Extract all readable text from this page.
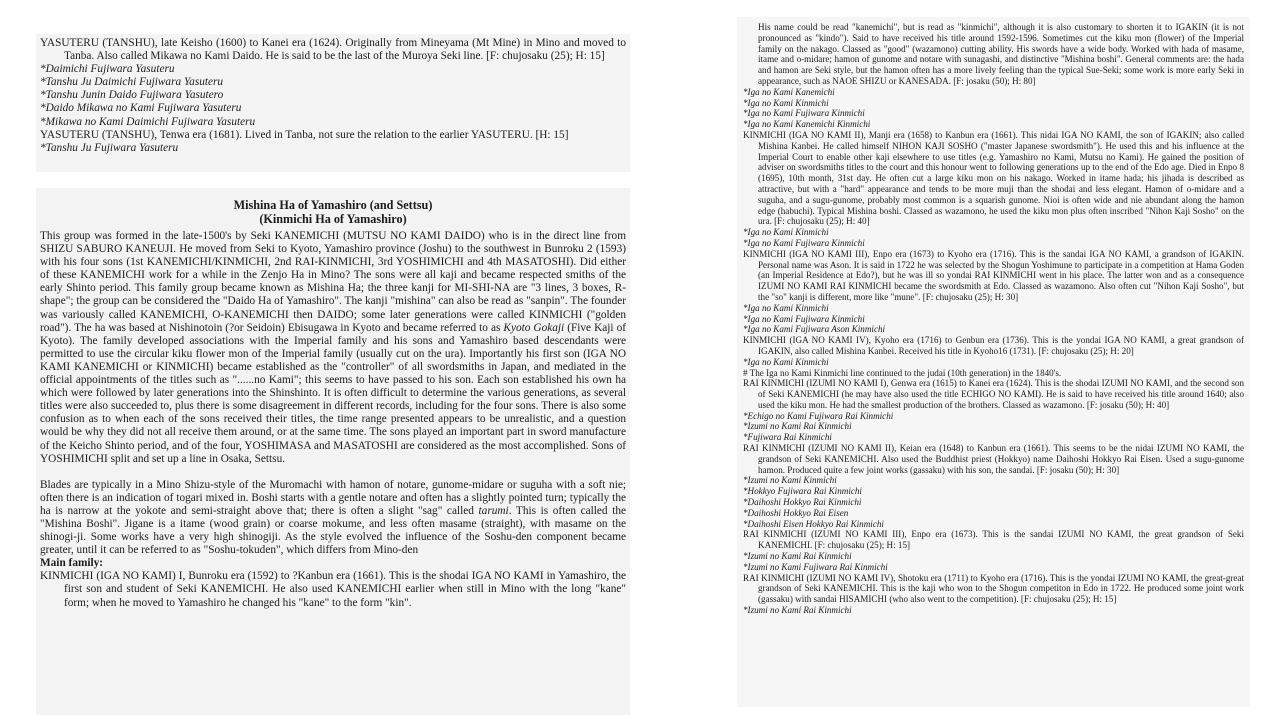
YASUTERU (TANSHU), late Keisho (1600) to Kanei era (1624). Originally from Mineyama (Mt Mine) in Mino and moved to Tanba. Also called Mikawa no Kami Daido. He is said to be the last of the Muroya Seki line. [F: chujosaku (25); H: 15]

*Daimichi Fujiwara Yasuteru

*Tanshu Ju Daimichi Fujiwara Yasuteru

*Tanshu Junin Daido Fujiwara Yasutero

*Daido Mikawa no Kami Fujiwara Yasuteru

*Mikawa no Kami Daimichi Fujiwara Yasuteru

YASUTERU (TANSHU), Tenwa era (1681). Lived in Tanba, not sure the relation to the earlier YASUTERU. [H: 15]

*Tanshu Ju Fujiwara Yasuteru

Mishina Ha of Yamashiro (and Settsu)

(Kinmichi Ha of Yamashiro)

This group was formed in the late-1500's by Seki KANEMICHI (MUTSU NO KAMI DAIDO) who is in the direct line from SHIZU SABURO KANEUJI. He moved from Seki to Kyoto, Yamashiro province (Joshu) to the southwest in Bunroku 2 (1593) with his four sons (1st KANEMICHI/KINMICHI, 2nd RAI-KINMICHI, 3rd YOSHIMICHI and 4th MASATOSHI). Did either of these KANEMICHI work for a while in the Zenjo Ha in Mino? The sons were all kaji and became respected smiths of the early Shinto period. This family group became known as Mishina Ha; the three kanji for MI-SHI-NA are "3 lines, 3 boxes, R-shape"; the group can be considered the "Daido Ha of Yamashiro". The kanji "mishina" can also be read as "sanpin". The founder was variously called KANEMICHI, O-KANEMICHI then DAIDO; some later generations were called KINMICHI ("golden road"). The ha was based at Nishinotoin (?or Seidoin) Ebisugawa in Kyoto and became referred to as Kyoto Gokaji (Five Kaji of Kyoto). The family developed associations with the Imperial family and his sons and Yamashiro based descendants were permitted to use the circular kiku flower mon of the Imperial family (usually cut on the ura). Importantly his first son (IGA NO KAMI KANEMICHI or KINMICHI) became established as the "controller" of all swordsmiths in Japan, and mediated in the official appointments of the titles such as "......no Kami"; this seems to have passed to his son. Each son established his own ha which were followed by later generations into the Shinshinto. It is often difficult to determine the various generations, as several titles were also succeeded to, plus there is some disagreement in different records, including for the four sons. There is also some confusion as to when each of the sons received their titles, the time range presented appears to be unrealistic, and a question would be why they did not all receive them around, or at the same time. The sons played an important part in sword manufacture of the Keicho Shinto period, and of the four, YOSHIMASA and MASATOSHI are considered as the most accomplished. Sons of YOSHIMICHI split and set up a line in Osaka, Settsu.

Blades are typically in a Mino Shizu-style of the Muromachi with hamon of notare, gunome-midare or suguha with a soft nie; often there is an indication of togari mixed in. Boshi starts with a gentle notare and often has a slightly pointed turn; typically the ha is narrow at the yokote and semi-straight above that; there is often a slight "sag" called tarumi. This is often called the "Mishina Boshi". Jigane is a itame (wood grain) or coarse mokume, and less often masame (straight), with masame on the shinogi-ji. Some works have a very high shinogiji. As the style evolved the influence of the Soshu-den component became greater, until it can be referred to as "Soshu-tokuden", which differs from Mino-den

Main family:

KINMICHI (IGA NO KAMI) I, Bunroku era (1592) to ?Kanbun era (1661). This is the shodai IGA NO KAMI in Yamashiro, the first son and student of Seki KANEMICHI. He also used KANEMICHI earlier when still in Mino with the long "kane" form; when he moved to Yamashiro he changed his "kane" to the form "kin".

His name could be read "kanemichi", but is read as "kinmichi", although it is also customary to shorten it to IGAKIN (it is not pronounced as "kindo"). Said to have received his title around 1592-1596. Sometimes cut the kiku mon (flower) of the Imperial family on the nakago. Classed as "good" (wazamono) cutting ability. His swords have a wide body. Worked with hada of masame, itame and o-midare; hamon of gunome and notare with sunagashi, and distinctive "Mishina boshi". General comments are: the hada and hamon are Seki style, but the hamon often has a more lively feeling than the typical Sue-Seki; some work is more early Seki in appearance, such as NAOE SHIZU or KANESADA. [F: josaku (50); H: 80]

*Iga no Kami Kanemichi

*Iga no Kami Kinmichi

*Iga no Kami Fujiwara Kinmichi

*Iga no Kami Kanemichi Kinmichi

KINMICHI (IGA NO KAMI II), Manji era (1658) to Kanbun era (1661). This nidai IGA NO KAMI, the son of IGAKIN; also called Mishina Kanbei. He called himself NIHON KAJI SOSHO ("master Japanese swordsmith"). He used this and his influence at the Imperial Court to enable other kaji elsewhere to use titles (e.g. Yamashiro no Kami, Mutsu no Kami). He gained the position of adviser on swordsmiths titles to the court and this honour went to following generations up to the end of the Edo age. Died in Enpo 8 (1695), 10th month, 31st day. He often cut a large kiku mon on his nakago. Worked in itame hada; his jihada is described as attractive, but with a "hard" appearance and tends to be more muji than the shodai and less elegant. Hamon of o-midare and a suguha, and a sugu-gunome, probably most common is a squarish gunome. Nioi is often wide and nie abundant along the hamon edge (habuchi). Typical Mishina boshi. Classed as wazamono, he used the kiku mon plus often inscribed "Nihon Kaji Sosho" on the ura. [F: chujosaku (25); H: 40]

*Iga no Kami Kinmichi

*Iga no Kami Fujiwara Kinmichi

KINMICHI (IGA NO KAMI III), Enpo era (1673) to Kyoho era (1716). This is the sandai IGA NO KAMI, a grandson of IGAKIN. Personal name was Ason. It is said in 1722 he was selected by the Shogun Yoshimune to participate in a competition at Hama Goden (an Imperial Residence at Edo?), but he was ill so yondai RAI KINMICHI went in his place. The latter won and as a consequence IZUMI NO KAMI RAI KINMICHI became the swordsmith at Edo. Classed as wazamono. Also often cut "Nihon Kaji Sosho", but the "so" kanji is different, more like "mune". [F: chujosaku (25); H: 30]

*Iga no Kami Kinmichi

*Iga no Kami Fujiwara Kinmichi

*Iga no Kami Fujiwara Ason Kinmichi

KINMICHI (IGA NO KAMI IV), Kyoho era (1716) to Genbun era (1736). This is the yondai IGA NO KAMI, a great grandson of IGAKIN, also called Mishina Kanbei. Received his title in Kyoho16 (1731). [F: chujosaku (25); H: 20]

*Iga no Kami Kinmichi

# The Iga no Kami Kinmichi line continued to the judai (10th generation) in the 1840's.

RAI KINMICHI (IZUMI NO KAMI I), Genwa era (1615) to Kanei era (1624). This is the shodai IZUMI NO KAMI, and the second son of Seki KANEMICHI (he may have also used the title ECHIGO NO KAMI). He is said to have received his title around 1640; also used the kiku mon. He had the smallest production of the brothers. Classed as wazamono. [F: josaku (50); H: 40]

*Echigo no Kami Fujiwara Rai Kinmichi

*Izumi no Kami Rai Kinmichi

*Fujiwara Rai Kinmichi

RAI KINMICHI (IZUMI NO KAMI II), Keian era (1648) to Kanbun era (1661). This seems to be the nidai IZUMI NO KAMI, the grandson of Seki KANEMICHI. Also used the Buddhist priest (Hokkyo) name Daihoshi Hokkyo Rai Eisen. Used a sugu-gunome hamon. Produced quite a few joint works (gassaku) with his son, the sandai. [F: josaku (50); H: 30]

*Izumi no Kami Kinmichi

*Hokkyo Fujiwara Rai Kinmichi

*Daihoshi Hokkyo Rai Kinmichi

*Daihoshi Hokkyo Rai Eisen

*Daihoshi Eisen Hokkyo Rai Kinmichi

RAI KINMICHI (IZUMI NO KAMI III), Enpo era (1673). This is the sandai IZUMI NO KAMI, the great grandson of Seki KANEMICHI. [F: chujosaku (25); H: 15]

*Izumi no Kami Rai Kinmichi

*Izumi no Kami Fujiwara Rai Kinmichi

RAI KINMICHI (IZUMI NO KAMI IV), Shotoku era (1711) to Kyoho era (1716). This is the yondai IZUMI NO KAMI, the great-great grandson of Seki KANEMICHI. This is the kaji who won to the Shogun competiton in Edo in 1722. He produced some joint work (gassaku) with sandai HISAMICHI (who also went to the competition). [F: chujosaku (25); H: 15]

*Izumi no Kami Rai Kinmichi
